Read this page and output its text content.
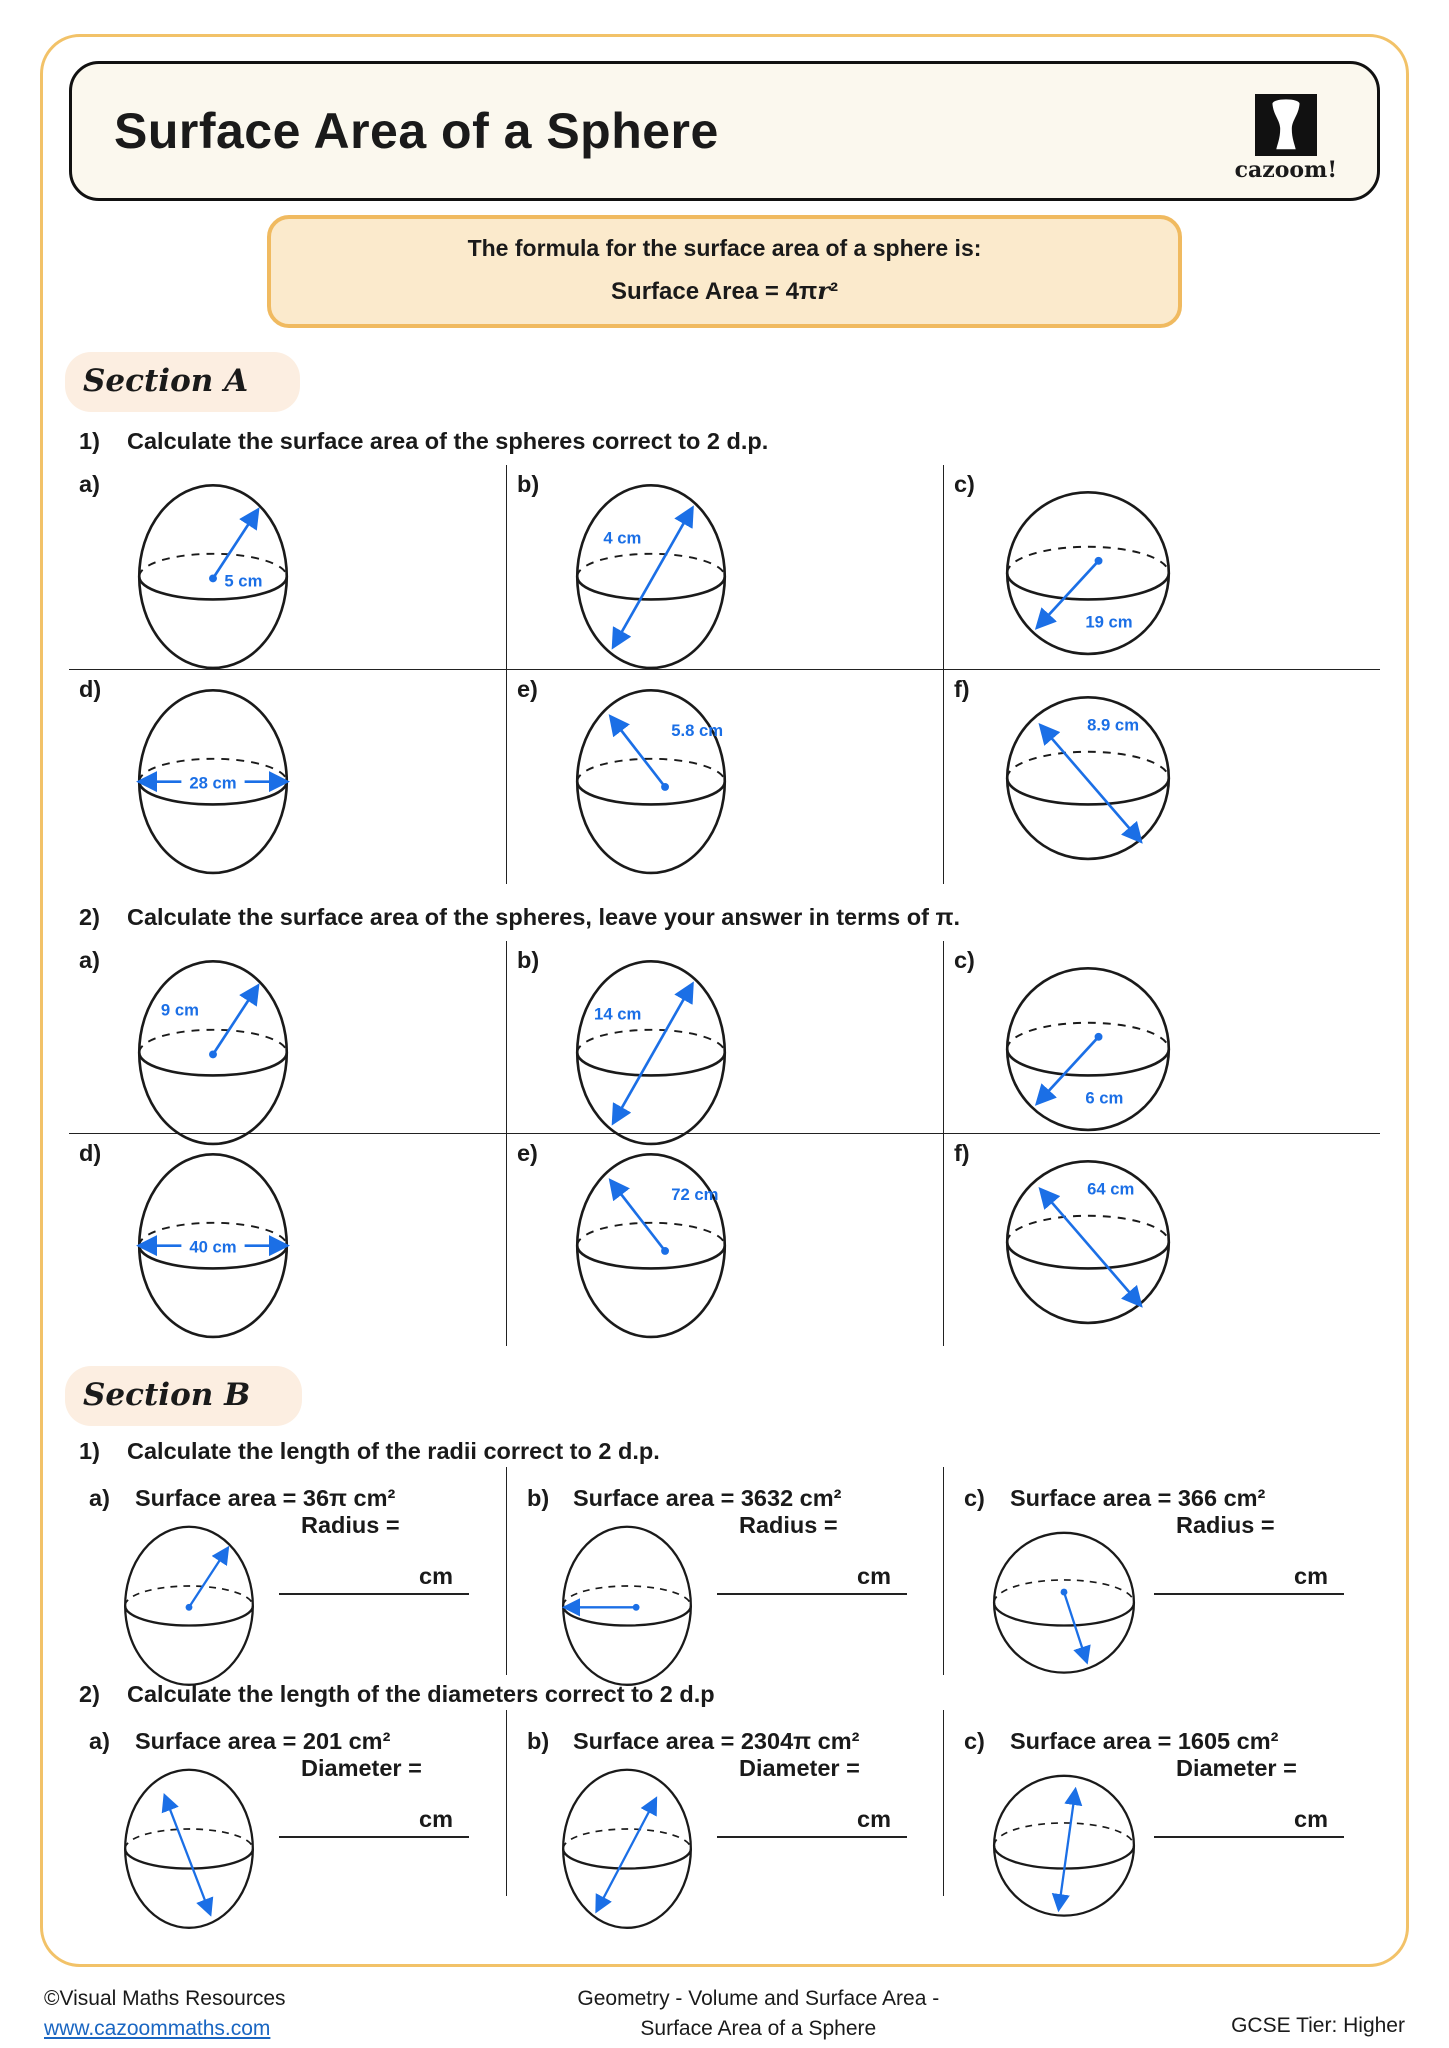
Surface Area of a Sphere
cazoom!
The formula for the surface area of a sphere is:
Surface Area = 4πr²
Section A
1)	Calculate the surface area of the spheres correct to 2 d.p.
a)
5 cm
b)
4 cm
c)
19 cm
d)
28 cm
e)
5.8 cm
f)
8.9 cm
2)	Calculate the surface area of the spheres, leave your answer in terms of π.
a)
9 cm
b)
14 cm
c)
6 cm
d)
40 cm
e)
72 cm
f)
64 cm
Section B
1)	Calculate the length of the radii correct to 2 d.p.
a)	Surface area = 36π cm²
Radius =
cm
b)	Surface area = 3632 cm²
Radius =
cm
c)	Surface area = 366 cm²
Radius =
cm
2)	Calculate the length of the diameters correct to 2 d.p
a)	Surface area = 201 cm²
Diameter =
cm
b)	Surface area = 2304π cm²
Diameter =
cm
c)	Surface area = 1605 cm²
Diameter =
cm
©Visual Maths Resources
www.cazoommaths.com
Geometry - Volume and Surface Area -
Surface Area of a Sphere	GCSE Tier: Higher
